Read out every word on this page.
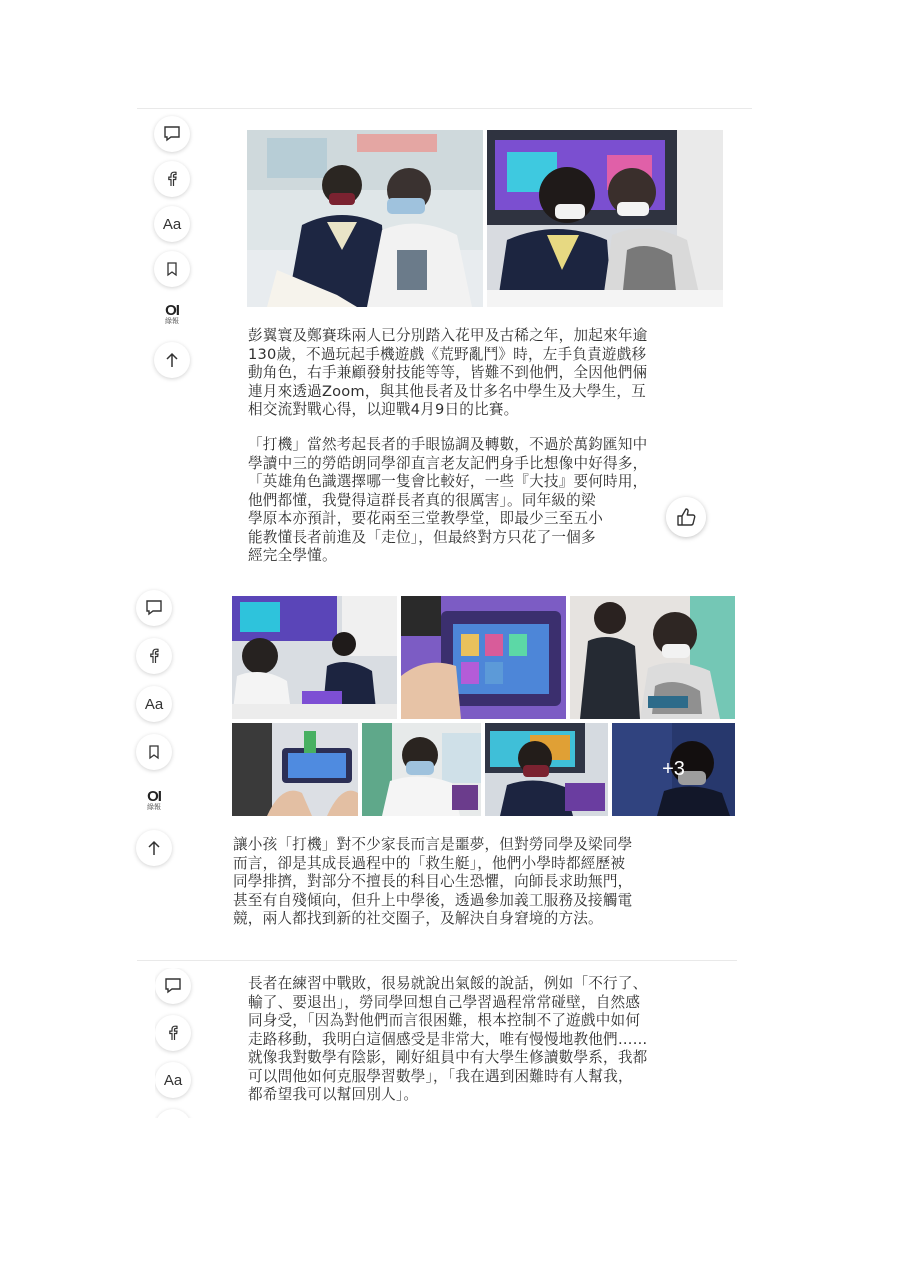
Aa
OI
綠報
彭翼寰及鄭賽珠兩人已分別踏入花甲及古稀之年，加起來年逾
130歲，不過玩起手機遊戲《荒野亂鬥》時，左手負責遊戲移
動角色，右手兼顧發射技能等等，皆難不到他們，全因他們倆
連月來透過Zoom，與其他長者及廿多名中學生及大學生，互
相交流對戰心得，以迎戰4月9日的比賽。
「打機」當然考起長者的手眼協調及轉數，不過於萬鈞匯知中
學讀中三的勞皓朗同學卻直言老友記們身手比想像中好得多，
「英雄角色識選擇哪一隻會比較好，一些『大技』要何時用，
他們都懂，我覺得這群長者真的很厲害」。同年級的梁
學原本亦預計，要花兩至三堂教學堂，即最少三至五小
能教懂長者前進及「走位」，但最終對方只花了一個多
經完全學懂。
Aa
OI
綠報
+3
讓小孩「打機」對不少家長而言是噩夢，但對勞同學及梁同學
而言，卻是其成長過程中的「救生艇」，他們小學時都經歷被
同學排擠，對部分不擅長的科目心生恐懼，向師長求助無門，
甚至有自殘傾向，但升上中學後，透過參加義工服務及接觸電
競，兩人都找到新的社交圈子，及解決自身窘境的方法。
Aa
長者在練習中戰敗，很易就說出氣餒的說話，例如「不行了、
輸了、要退出」，勞同學回想自己學習過程常常碰壁，自然感
同身受，「因為對他們而言很困難，根本控制不了遊戲中如何
走路移動，我明白這個感受是非常大，唯有慢慢地教他們……
就像我對數學有陰影，剛好組員中有大學生修讀數學系，我都
可以問他如何克服學習數學」，「我在遇到困難時有人幫我，
都希望我可以幫回別人」。
